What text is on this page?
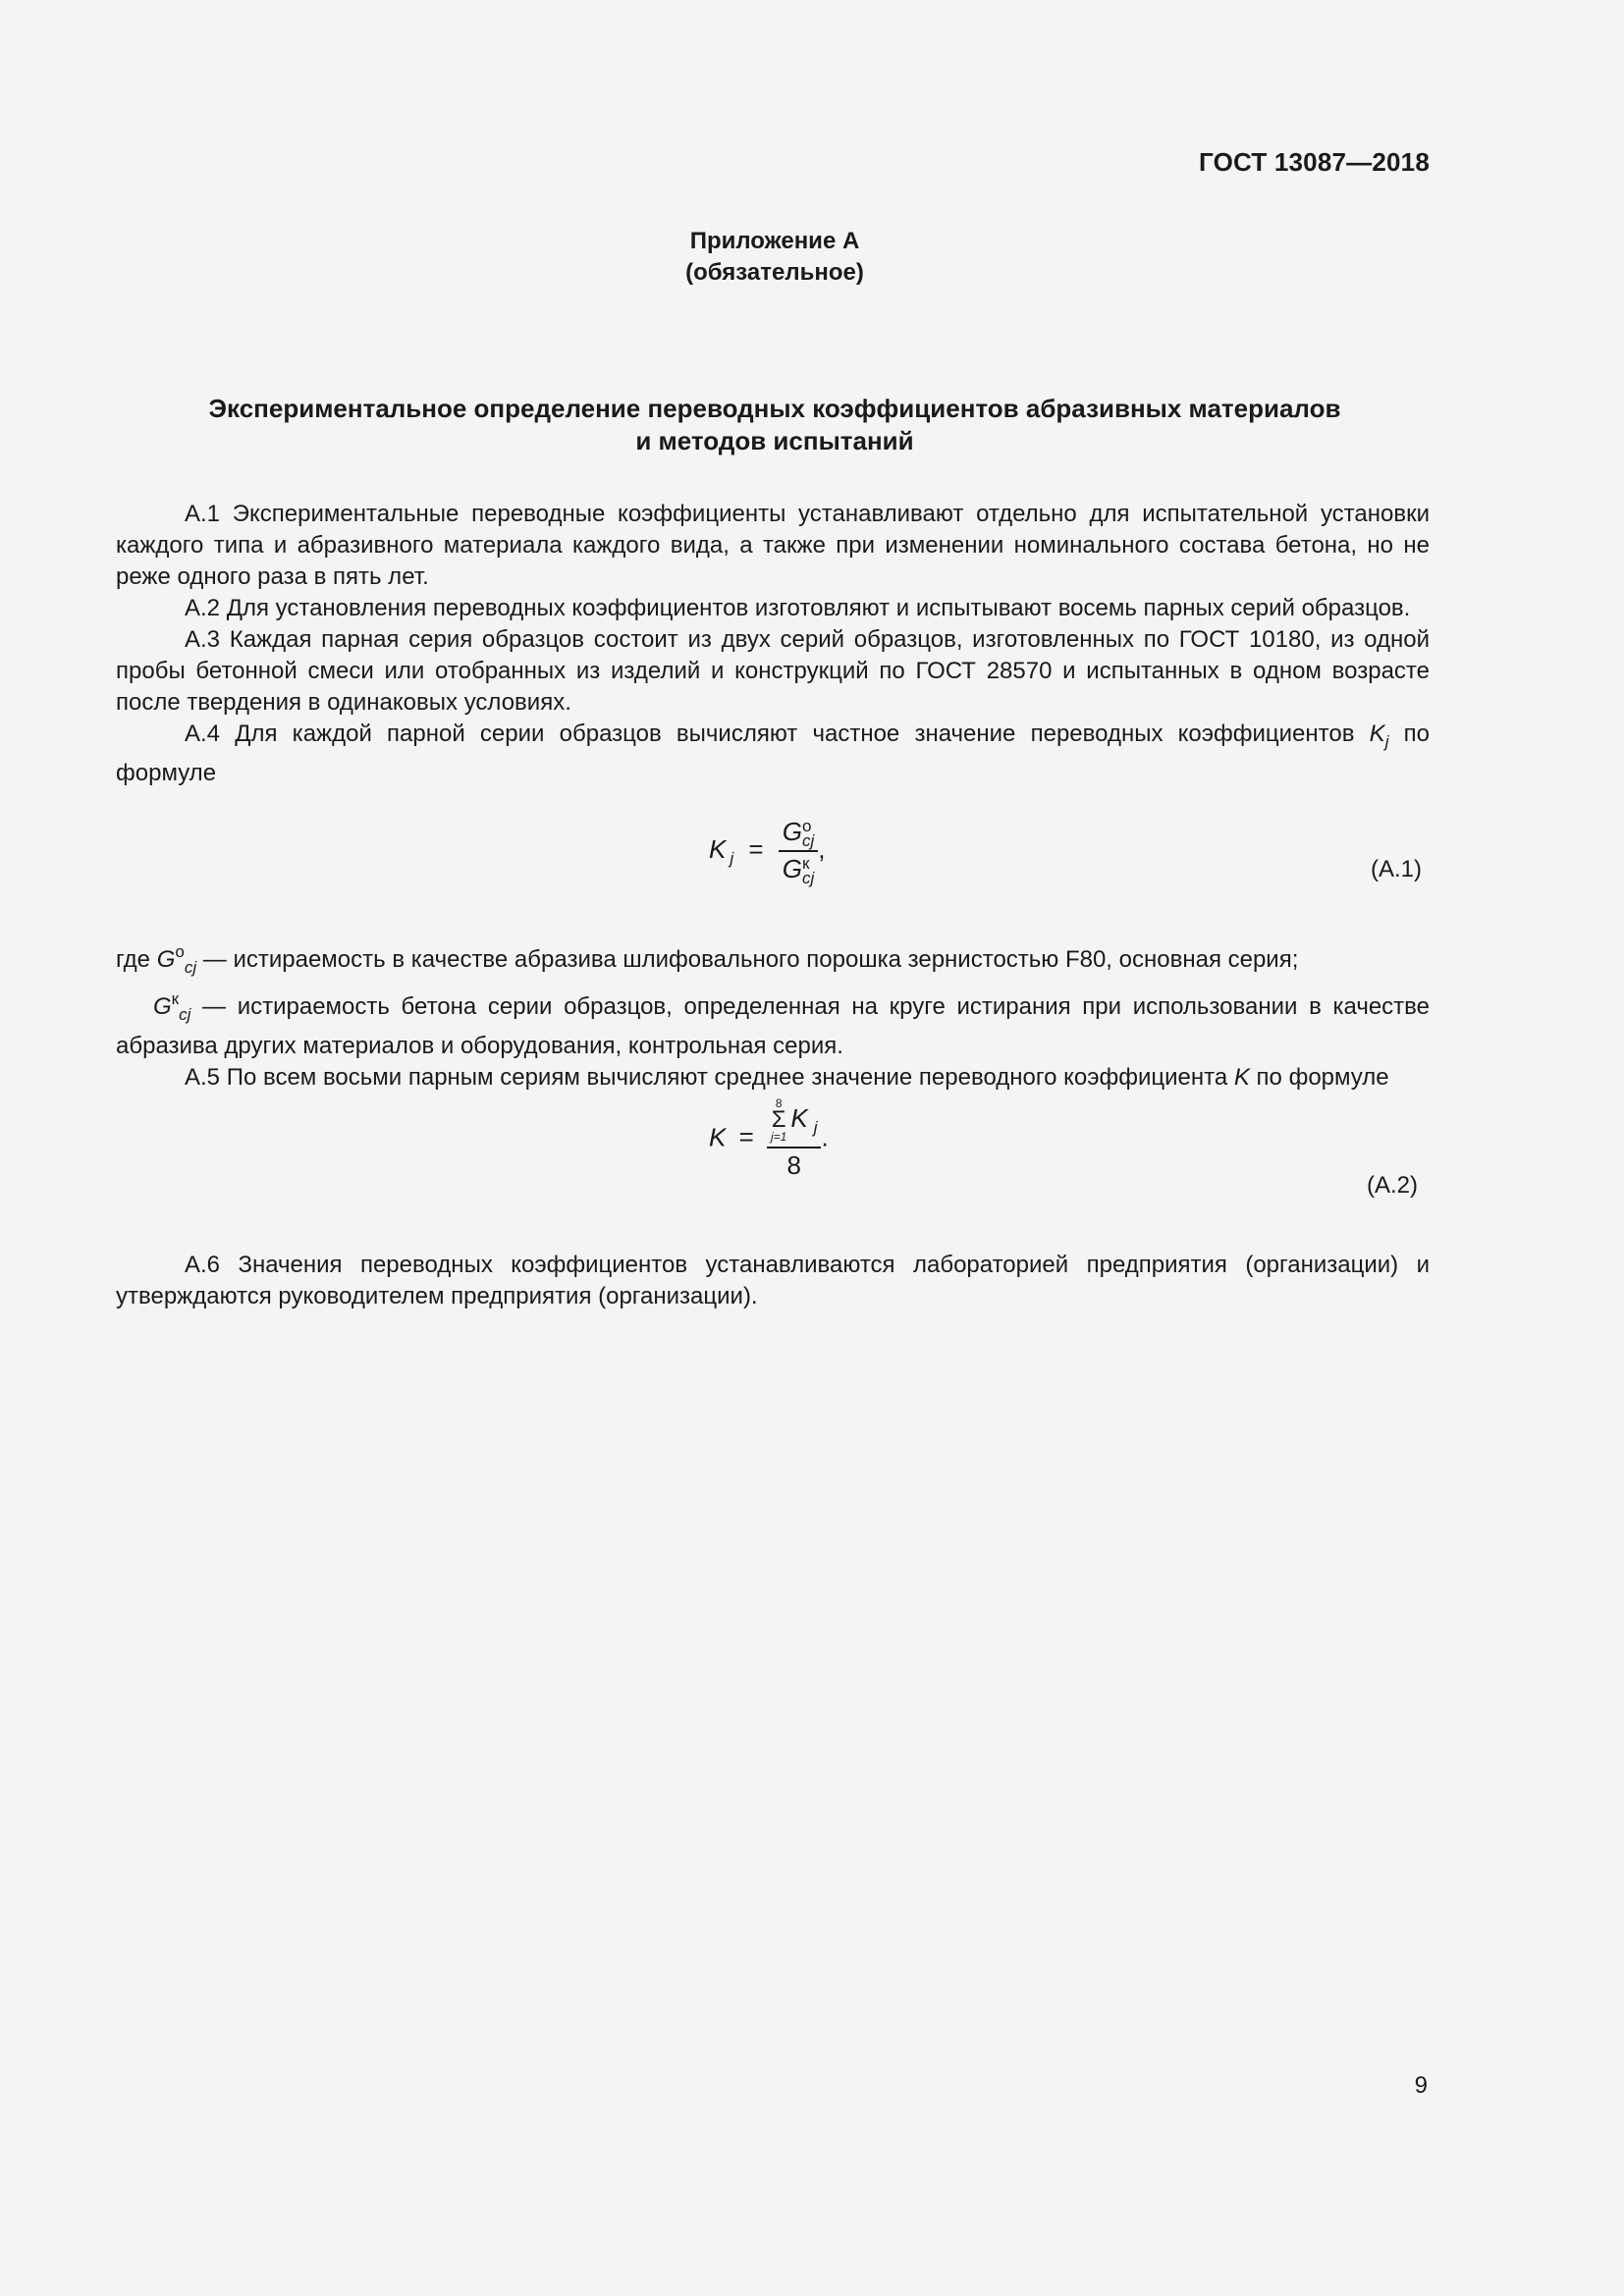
ГОСТ 13087—2018
Приложение А
(обязательное)
Экспериментальное определение переводных коэффициентов абразивных материалов
и методов испытаний

А.1 Экспериментальные переводные коэффициенты устанавливают отдельно для испытательной установки каждого типа и абразивного материала каждого вида, а также при изменении номинального состава бетона, но не реже одного раза в пять лет.

А.2 Для установления переводных коэффициентов изготовляют и испытывают восемь парных серий образцов.

А.3 Каждая парная серия образцов состоит из двух серий образцов, изготовленных по ГОСТ 10180, из одной пробы бетонной смеси или отобранных из изделий и конструкций по ГОСТ 28570 и испытанных в одном возрасте после твердения в одинаковых условиях.

А.4 Для каждой парной серии образцов вычисляют частное значение переводных коэффициентов $K_j$ по формуле

K $_j$ = G о
cj
G к
cj ,
(А.1)

где $G^о_{cj}$ — истираемость в качестве абразива шлифовального порошка зернистостью F80, основная серия;

$G^к_{cj}$ — истираемость бетона серии образцов, определенная на круге истирания при использовании в качестве абразива других материалов и оборудования, контрольная серия.

А.5 По всем восьми парным сериям вычисляют среднее значение переводного коэффициента K по формуле

K = 8
Σ
j=1
K $_j$
8 .
(А.2)

А.6 Значения переводных коэффициентов устанавливаются лабораторией предприятия (организации) и утверждаются руководителем предприятия (организации).

9
